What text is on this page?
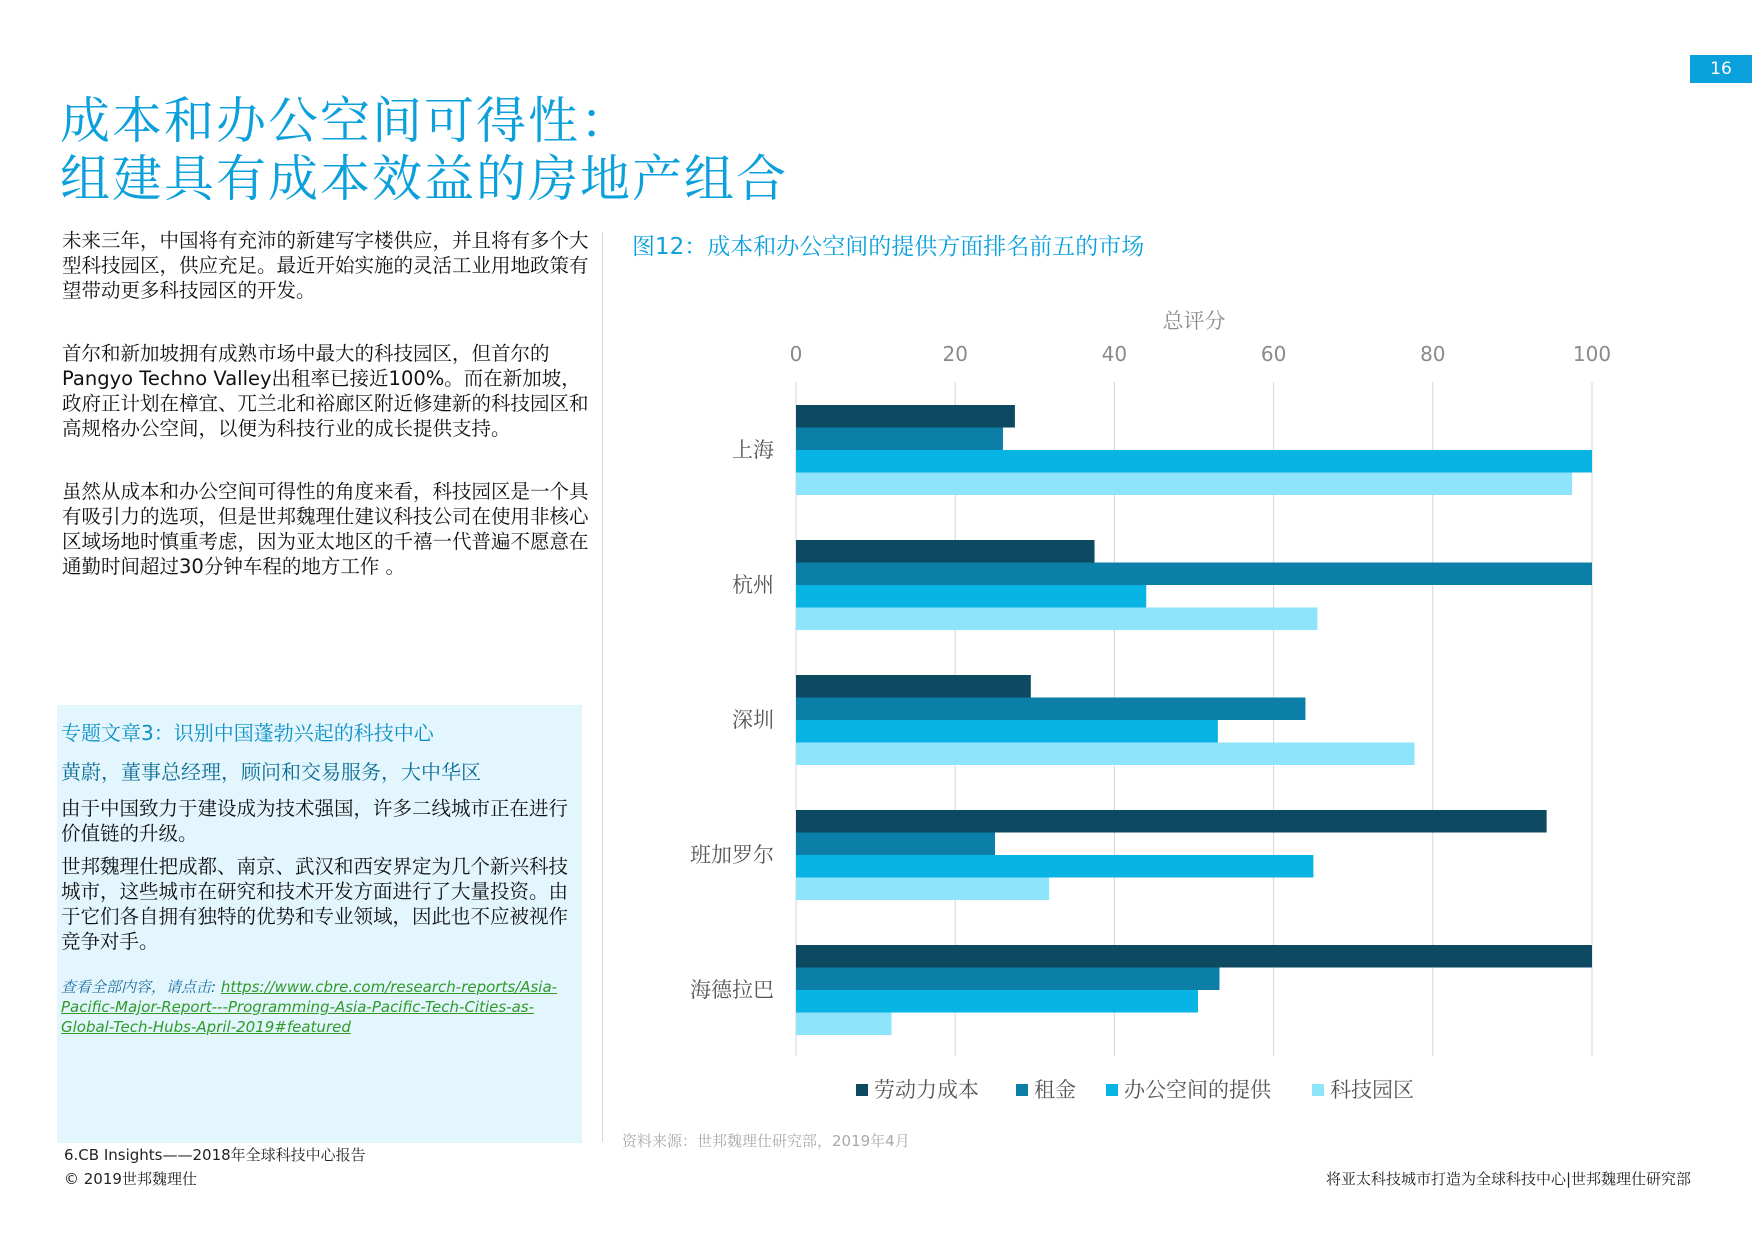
16
成本和办公空间可得性：
组建具有成本效益的房地产组合

未来三年，中国将有充沛的新建写字楼供应，并且将有多个大型科技园区，供应充足。最近开始实施的灵活工业用地政策有望带动更多科技园区的开发。

首尔和新加坡拥有成熟市场中最大的科技园区，但首尔的Pangyo Techno Valley出租率已接近100%。而在新加坡，政府正计划在樟宜、兀兰北和裕廊区附近修建新的科技园区和高规格办公空间，以便为科技行业的成长提供支持。

虽然从成本和办公空间可得性的角度来看，科技园区是一个具有吸引力的选项，但是世邦魏理仕建议科技公司在使用非核心区域场地时慎重考虑，因为亚太地区的千禧一代普遍不愿意在通勤时间超过30分钟车程的地方工作 。

专题文章3：识别中国蓬勃兴起的科技中心
黄蔚，董事总经理，顾问和交易服务，大中华区

由于中国致力于建设成为技术强国，许多二线城市正在进行价值链的升级。

世邦魏理仕把成都、南京、武汉和西安界定为几个新兴科技城市，这些城市在研究和技术开发方面进行了大量投资。由于它们各自拥有独特的优势和专业领域，因此也不应被视作竞争对手。

查看全部内容，请点击: https://www.cbre.com/research-reports/Asia-Pacific-Major-Report---Programming-Asia-Pacific-Tech-Cities-as-Global-Tech-Hubs-April-2019#featured
图12：成本和办公空间的提供方面排名前五的市场
总评分
0	20	40	60	80	100
上海
杭州
深圳
班加罗尔
海德拉巴
劳动力成本	租金 办公空间的提供	科技园区
资料来源：世邦魏理仕研究部，2019年4月
6.CB Insights——2018年全球科技中心报告
© 2019世邦魏理仕	将亚太科技城市打造为全球科技中心|世邦魏理仕研究部
